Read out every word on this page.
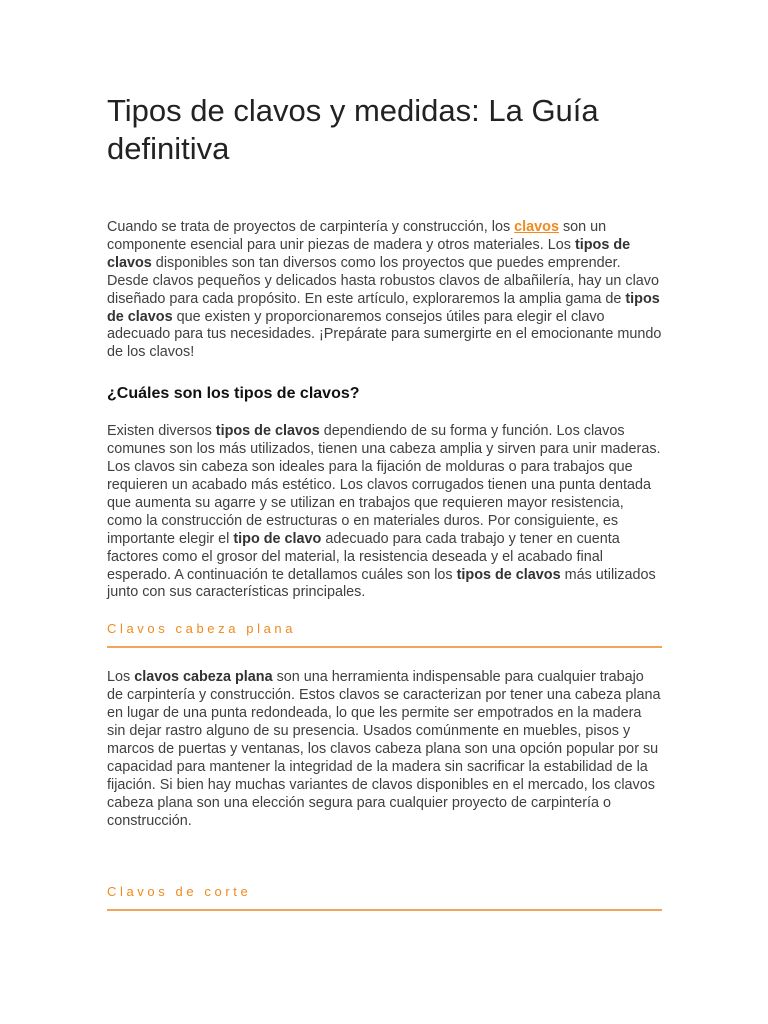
Tipos de clavos y medidas: La Guía definitiva

Cuando se trata de proyectos de carpintería y construcción, los clavos son un componente esencial para unir piezas de madera y otros materiales. Los tipos de clavos disponibles son tan diversos como los proyectos que puedes emprender. Desde clavos pequeños y delicados hasta robustos clavos de albañilería, hay un clavo diseñado para cada propósito. En este artículo, exploraremos la amplia gama de tipos de clavos que existen y proporcionaremos consejos útiles para elegir el clavo adecuado para tus necesidades. ¡Prepárate para sumergirte en el emocionante mundo de los clavos!

¿Cuáles son los tipos de clavos?

Existen diversos tipos de clavos dependiendo de su forma y función. Los clavos comunes son los más utilizados, tienen una cabeza amplia y sirven para unir maderas. Los clavos sin cabeza son ideales para la fijación de molduras o para trabajos que requieren un acabado más estético. Los clavos corrugados tienen una punta dentada que aumenta su agarre y se utilizan en trabajos que requieren mayor resistencia, como la construcción de estructuras o en materiales duros. Por consiguiente, es importante elegir el tipo de clavo adecuado para cada trabajo y tener en cuenta factores como el grosor del material, la resistencia deseada y el acabado final esperado. A continuación te detallamos cuáles son los tipos de clavos más utilizados junto con sus características principales.

Clavos cabeza plana

Los clavos cabeza plana son una herramienta indispensable para cualquier trabajo de carpintería y construcción. Estos clavos se caracterizan por tener una cabeza plana en lugar de una punta redondeada, lo que les permite ser empotrados en la madera sin dejar rastro alguno de su presencia. Usados comúnmente en muebles, pisos y marcos de puertas y ventanas, los clavos cabeza plana son una opción popular por su capacidad para mantener la integridad de la madera sin sacrificar la estabilidad de la fijación. Si bien hay muchas variantes de clavos disponibles en el mercado, los clavos cabeza plana son una elección segura para cualquier proyecto de carpintería o construcción.

Clavos de corte
